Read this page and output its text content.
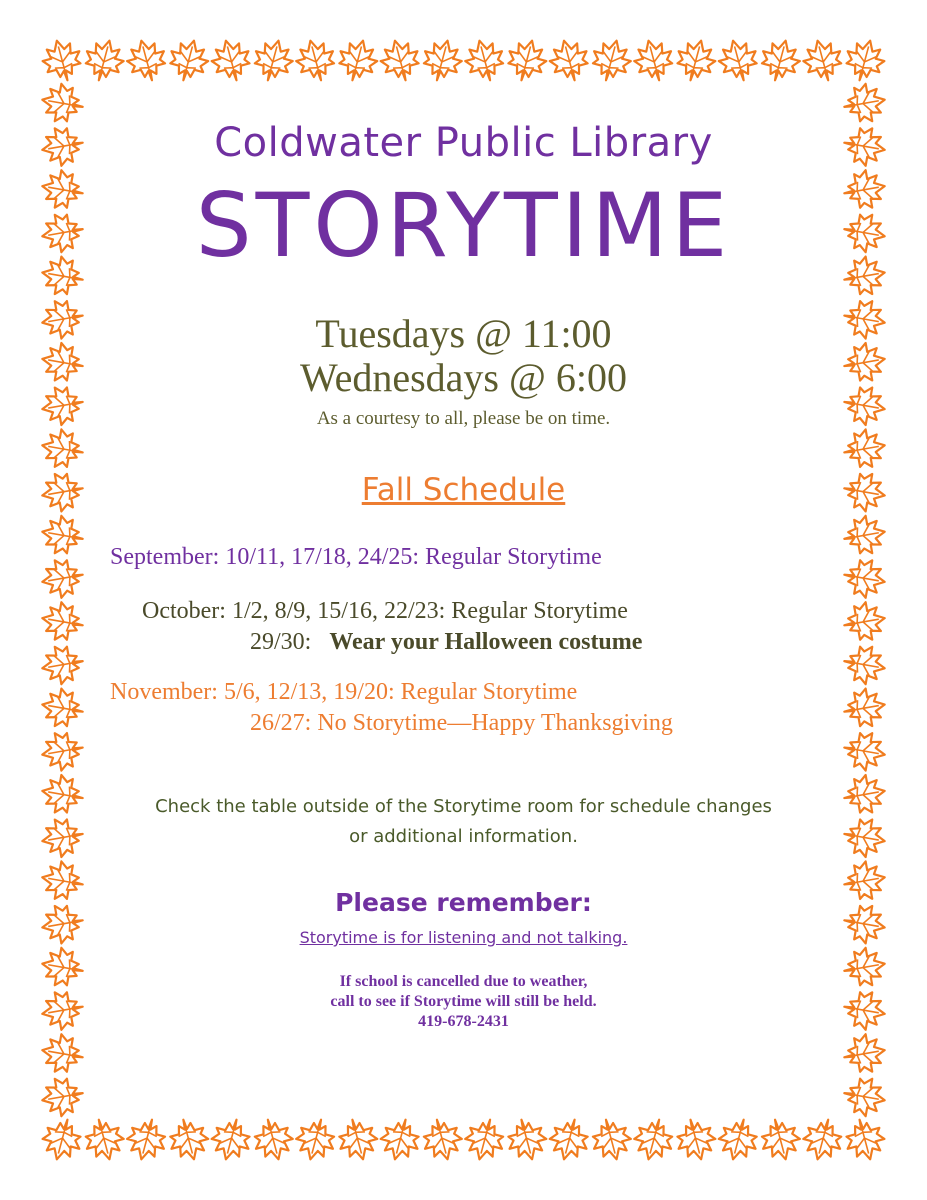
Coldwater Public Library
STORYTIME
Tuesdays @ 11:00
Wednesdays @ 6:00
As a courtesy to all, please be on time.
Fall Schedule
September: 10/11, 17/18, 24/25: Regular Storytime
October: 1/2, 8/9, 15/16, 22/23: Regular Storytime
29/30: Wear your Halloween costume
November: 5/6, 12/13, 19/20: Regular Storytime
26/27: No Storytime—Happy Thanksgiving
Check the table outside of the Storytime room for schedule changes
or additional information.
Please remember:
Storytime is for listening and not talking.
If school is cancelled due to weather,
call to see if Storytime will still be held.
419-678-2431
